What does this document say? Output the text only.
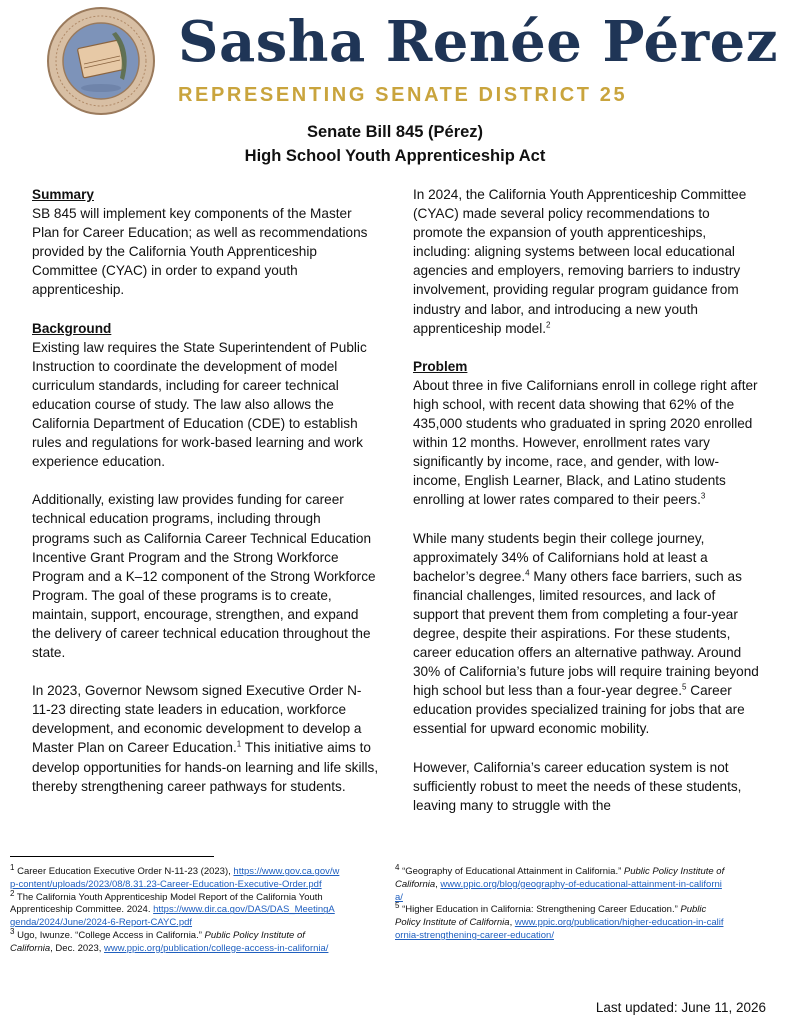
Sasha Renée Pérez
REPRESENTING SENATE DISTRICT 25
Senate Bill 845 (Pérez)
High School Youth Apprenticeship Act

Summary
SB 845 will implement key components of the Master Plan for Career Education; as well as recommendations provided by the California Youth Apprenticeship Committee (CYAC) in order to expand youth apprenticeship.

Background
Existing law requires the State Superintendent of Public Instruction to coordinate the development of model curriculum standards, including for career technical education course of study. The law also allows the California Department of Education (CDE) to establish rules and regulations for work-based learning and work experience education.

Additionally, existing law provides funding for career technical education programs, including through programs such as California Career Technical Education Incentive Grant Program and the Strong Workforce Program and a K–12 component of the Strong Workforce Program. The goal of these programs is to create, maintain, support, encourage, strengthen, and expand the delivery of career technical education throughout the state.

In 2023, Governor Newsom signed Executive Order N-11-23 directing state leaders in education, workforce development, and economic development to develop a Master Plan on Career Education.$^1$ This initiative aims to develop opportunities for hands-on learning and life skills, thereby strengthening career pathways for students.

In 2024, the California Youth Apprenticeship Committee (CYAC) made several policy recommendations to promote the expansion of youth apprenticeships, including: aligning systems between local educational agencies and employers, removing barriers to industry involvement, providing regular program guidance from industry and labor, and introducing a new youth apprenticeship model.$^2$

Problem
About three in five Californians enroll in college right after high school, with recent data showing that 62% of the 435,000 students who graduated in spring 2020 enrolled within 12 months. However, enrollment rates vary significantly by income, race, and gender, with low-income, English Learner, Black, and Latino students enrolling at lower rates compared to their peers.$^3$

While many students begin their college journey, approximately 34% of Californians hold at least a bachelor’s degree.$^4$ Many others face barriers, such as financial challenges, limited resources, and lack of support that prevent them from completing a four-year degree, despite their aspirations. For these students, career education offers an alternative pathway. Around 30% of California’s future jobs will require training beyond high school but less than a four-year degree.$^5$ Career education provides specialized training for jobs that are essential for upward economic mobility.

However, California’s career education system is not sufficiently robust to meet the needs of these students, leaving many to struggle with the

$^1$ Career Education Executive Order N-11-23 (2023), https://www.gov.ca.gov/wp-content/uploads/2023/08/8.31.23-Career-Education-Executive-Order.pdf

$^2$ The California Youth Apprenticeship Model Report of the California Youth Apprenticeship Committee. 2024. https://www.dir.ca.gov/DAS/DAS_MeetingAgenda/2024/June/2024-6-Report-CAYC.pdf

$^3$ Ugo, Iwunze. “College Access in California.” Public Policy Institute of California, Dec. 2023, www.ppic.org/publication/college-access-in-california/

$^4$ “Geography of Educational Attainment in California.” Public Policy Institute of California, www.ppic.org/blog/geography-of-educational-attainment-in-california/

$^5$ “Higher Education in California: Strengthening Career Education.” Public Policy Institute of California, www.ppic.org/publication/higher-education-in-california-strengthening-career-education/

Last updated: June 11, 2026
